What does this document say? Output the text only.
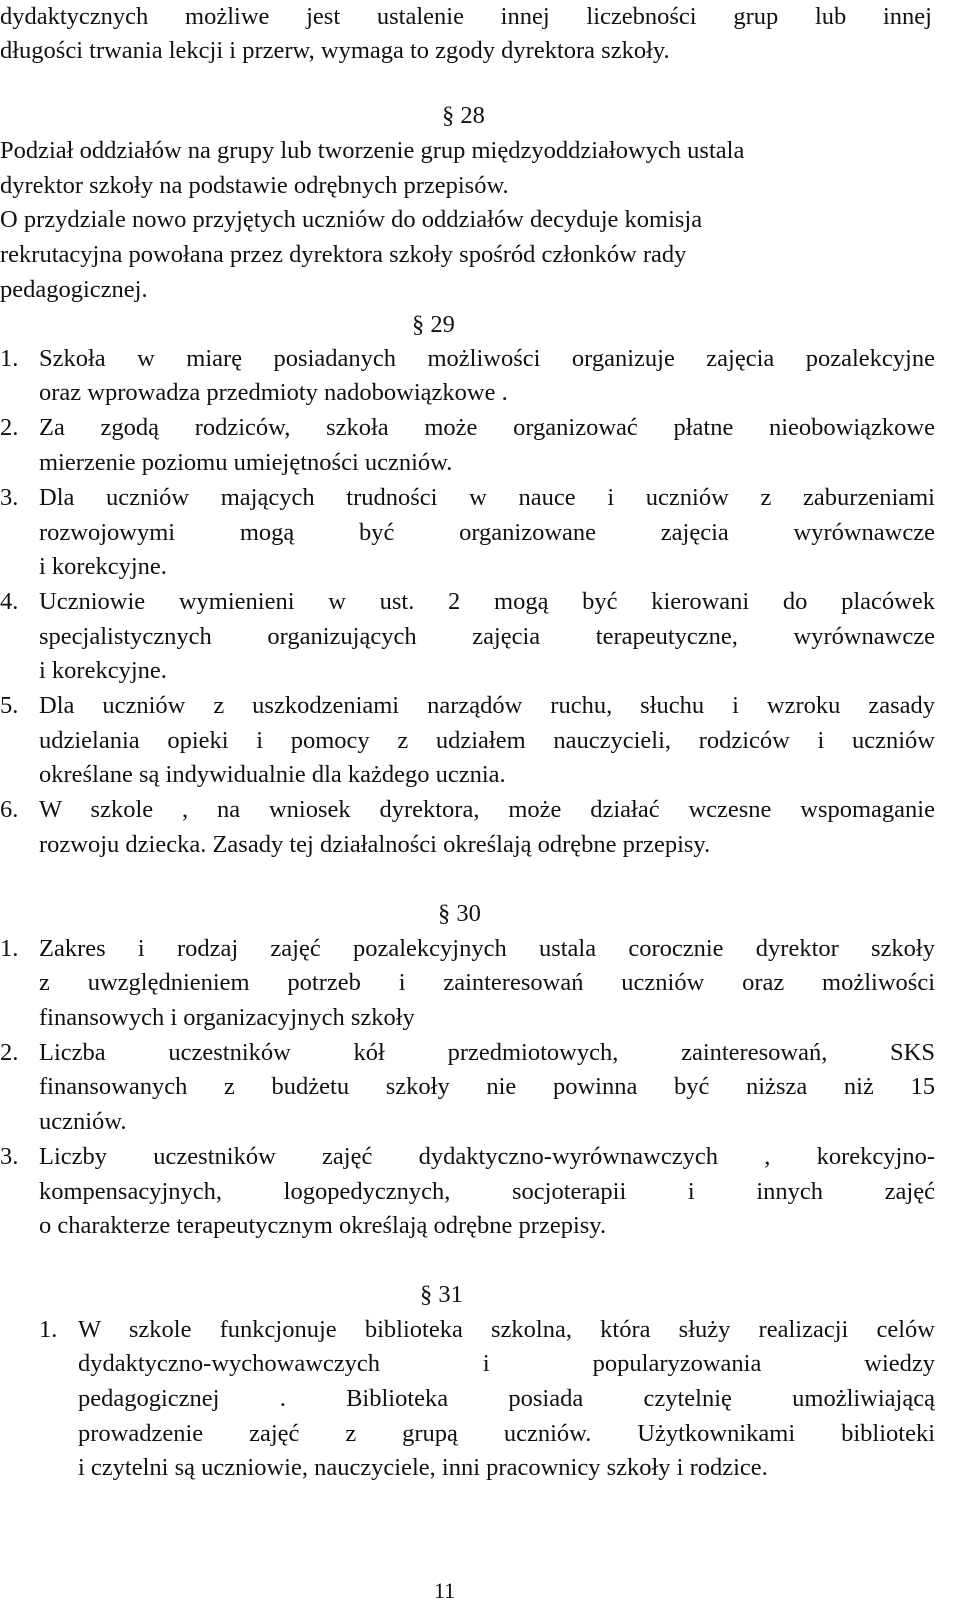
dydaktycznych możliwe jest ustalenie innej liczebności grup lub innej
długości trwania lekcji i przerw, wymaga to zgody dyrektora szkoły.
§ 28
Podział oddziałów na grupy lub tworzenie grup międzyoddziałowych ustala
dyrektor szkoły na podstawie odrębnych przepisów.
O przydziale nowo przyjętych uczniów do oddziałów decyduje komisja
rekrutacyjna powołana przez dyrektora szkoły spośród członków rady
pedagogicznej.
§ 29
1. Szkoła w miarę posiadanych możliwości organizuje zajęcia pozalekcyjne
oraz wprowadza przedmioty nadobowiązkowe .
2. Za zgodą rodziców, szkoła może organizować płatne nieobowiązkowe
mierzenie poziomu umiejętności uczniów.
3. Dla uczniów mających trudności w nauce i uczniów z zaburzeniami
rozwojowymi mogą być organizowane zajęcia wyrównawcze
i korekcyjne.
4. Uczniowie wymienieni w ust. 2 mogą być kierowani do placówek
specjalistycznych organizujących zajęcia terapeutyczne, wyrównawcze
i korekcyjne.
5. Dla uczniów z uszkodzeniami narządów ruchu, słuchu i wzroku zasady
udzielania opieki i pomocy z udziałem nauczycieli, rodziców i uczniów
określane są indywidualnie dla każdego ucznia.
6. W szkole , na wniosek dyrektora, może działać wczesne wspomaganie
rozwoju dziecka. Zasady tej działalności określają odrębne przepisy.
§ 30
1. Zakres i rodzaj zajęć pozalekcyjnych ustala corocznie dyrektor szkoły
z uwzględnieniem potrzeb i zainteresowań uczniów oraz możliwości
finansowych i organizacyjnych szkoły
2. Liczba uczestników kół przedmiotowych, zainteresowań, SKS
finansowanych z budżetu szkoły nie powinna być niższa niż 15
uczniów.
3. Liczby uczestników zajęć dydaktyczno-wyrównawczych , korekcyjno-
kompensacyjnych, logopedycznych, socjoterapii i innych zajęć
o charakterze terapeutycznym określają odrębne przepisy.
§ 31
1. W szkole funkcjonuje biblioteka szkolna, która służy realizacji celów
dydaktyczno-wychowawczych i popularyzowania wiedzy
pedagogicznej . Biblioteka posiada czytelnię umożliwiającą
prowadzenie zajęć z grupą uczniów. Użytkownikami biblioteki
i czytelni są uczniowie, nauczyciele, inni pracownicy szkoły i rodzice.
11
